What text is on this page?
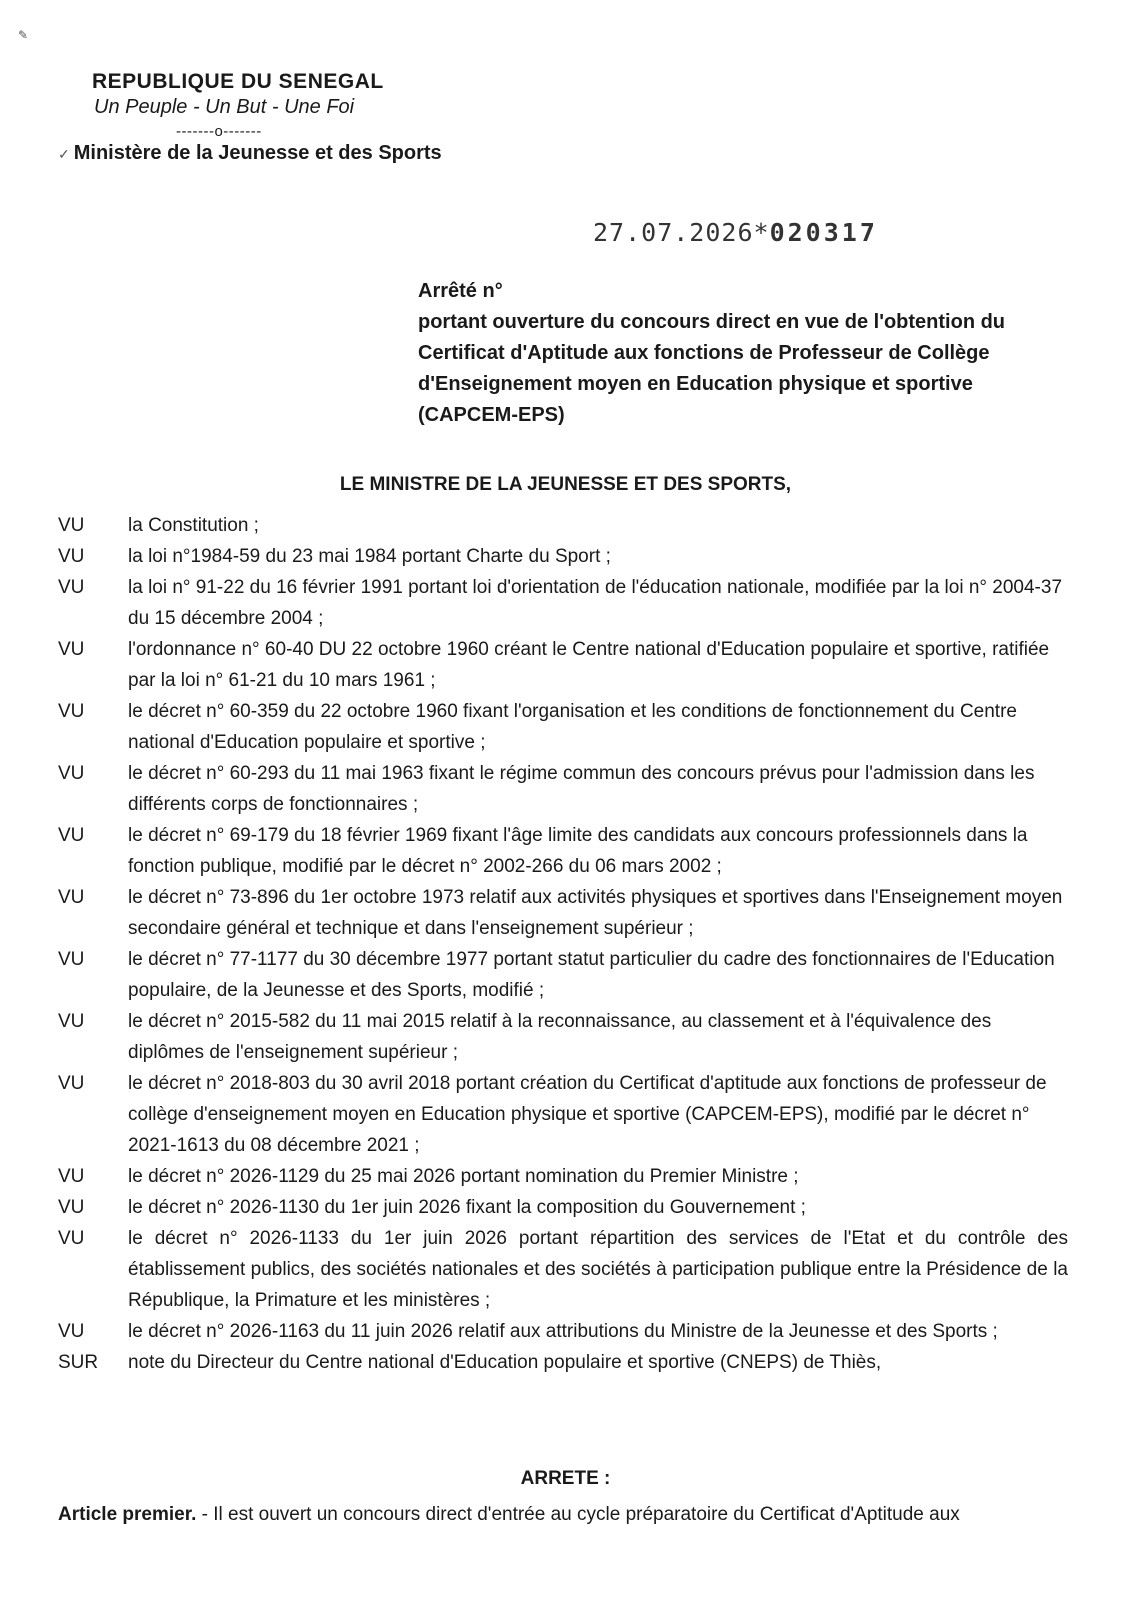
✎
REPUBLIQUE DU SENEGAL
Un Peuple - Un But - Une Foi
-------o-------
✓ Ministère de la Jeunesse et des Sports
27.07.2026*020317
Arrêté n°
portant ouverture du concours direct en vue de l'obtention du Certificat d'Aptitude aux fonctions de Professeur de Collège d'Enseignement moyen en Education physique et sportive (CAPCEM-EPS)
LE MINISTRE DE LA JEUNESSE ET DES SPORTS,
VU	la Constitution ;
VU	la loi n°1984-59 du 23 mai 1984 portant Charte du Sport ;
VU	la loi n° 91-22 du 16 février 1991 portant loi d'orientation de l'éducation nationale, modifiée par la loi n° 2004-37 du 15 décembre 2004 ;
VU	l'ordonnance n° 60-40 DU 22 octobre 1960 créant le Centre national d'Education populaire et sportive, ratifiée par la loi n° 61-21 du 10 mars 1961 ;
VU	le décret n° 60-359 du 22 octobre 1960 fixant l'organisation et les conditions de fonctionnement du Centre national d'Education populaire et sportive ;
VU	le décret n° 60-293 du 11 mai 1963 fixant le régime commun des concours prévus pour l'admission dans les différents corps de fonctionnaires ;
VU	le décret n° 69-179 du 18 février 1969 fixant l'âge limite des candidats aux concours professionnels dans la fonction publique, modifié par le décret n° 2002-266 du 06 mars 2002 ;
VU	le décret n° 73-896 du 1er octobre 1973 relatif aux activités physiques et sportives dans l'Enseignement moyen secondaire général et technique et dans l'enseignement supérieur ;
VU	le décret n° 77-1177 du 30 décembre 1977 portant statut particulier du cadre des fonctionnaires de l'Education populaire, de la Jeunesse et des Sports, modifié ;
VU	le décret n° 2015-582 du 11 mai 2015 relatif à la reconnaissance, au classement et à l'équivalence des diplômes de l'enseignement supérieur ;
VU	le décret n° 2018-803 du 30 avril 2018 portant création du Certificat d'aptitude aux fonctions de professeur de collège d'enseignement moyen en Education physique et sportive (CAPCEM-EPS), modifié par le décret n° 2021-1613 du 08 décembre 2021 ;
VU	le décret n° 2026-1129 du 25 mai 2026 portant nomination du Premier Ministre ;
VU	le décret n° 2026-1130 du 1er juin 2026 fixant la composition du Gouvernement ;
VU	le décret n° 2026-1133 du 1er juin 2026 portant répartition des services de l'Etat et du contrôle des établissement publics, des sociétés nationales et des sociétés à participation publique entre la Présidence de la République, la Primature et les ministères ;
VU	le décret n° 2026-1163 du 11 juin 2026 relatif aux attributions du Ministre de la Jeunesse et des Sports ;
SUR	note du Directeur du Centre national d'Education populaire et sportive (CNEPS) de Thiès,
ARRETE :
Article premier. - Il est ouvert un concours direct d'entrée au cycle préparatoire du Certificat d'Aptitude aux
